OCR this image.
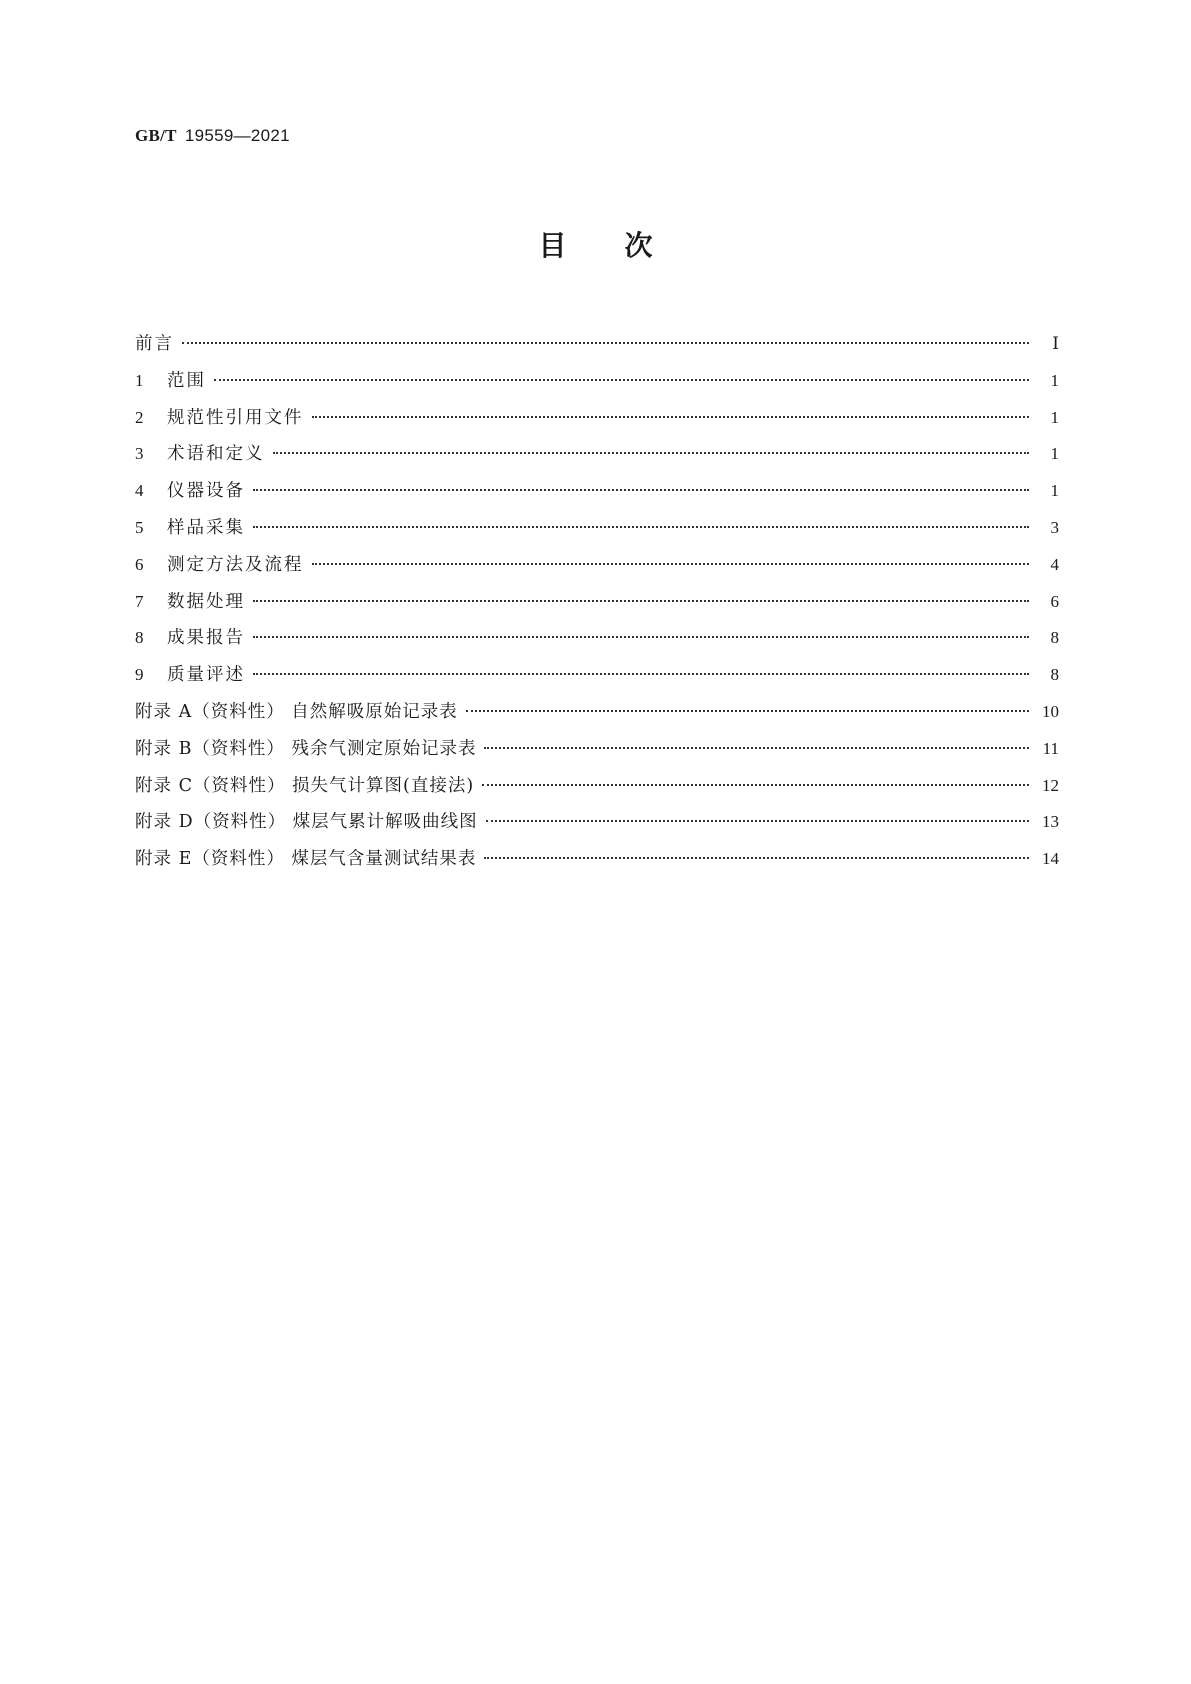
GB/T 19559—2021
目次
前言	Ⅰ
1	范围	1
2	规范性引用文件	1
3	术语和定义	1
4	仪器设备	1
5	样品采集	3
6	测定方法及流程	4
7	数据处理	6
8	成果报告	8
9	质量评述	8
附录 A（资料性） 自然解吸原始记录表	10
附录 B（资料性） 残余气测定原始记录表	11
附录 C（资料性） 损失气计算图(直接法)	12
附录 D（资料性） 煤层气累计解吸曲线图	13
附录 E（资料性） 煤层气含量测试结果表	14
